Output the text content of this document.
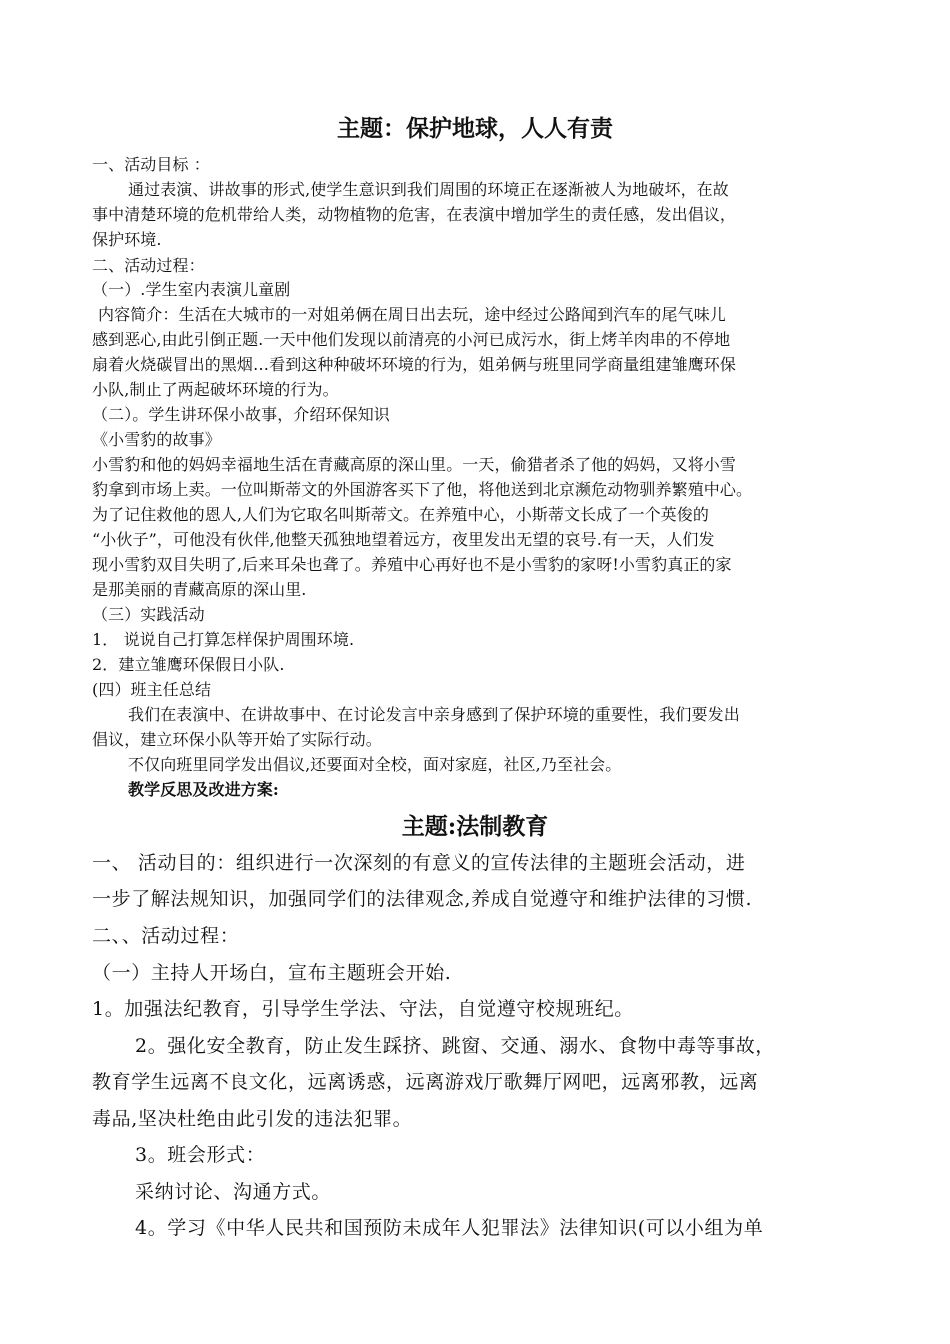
主题：保护地球，人人有责
一、活动目标 ：
通过表演、讲故事的形式,使学生意识到我们周围的环境正在逐渐被人为地破坏，在故
事中清楚环境的危机带给人类，动物植物的危害，在表演中增加学生的责任感，发出倡议，
保护环境.
二、活动过程：
（一）.学生室内表演儿童剧
内容简介：生活在大城市的一对姐弟俩在周日出去玩，途中经过公路闻到汽车的尾气味儿
感到恶心,由此引倒正题.一天中他们发现以前清亮的小河已成污水，街上烤羊肉串的不停地
扇着火烧碳冒出的黑烟…看到这种种破坏环境的行为，姐弟俩与班里同学商量组建雏鹰环保
小队,制止了两起破坏环境的行为。
（二）。学生讲环保小故事，介绍环保知识
《小雪豹的故事》
小雪豹和他的妈妈幸福地生活在青藏高原的深山里。一天，偷猎者杀了他的妈妈，又将小雪
豹拿到市场上卖。一位叫斯蒂文的外国游客买下了他，将他送到北京濒危动物驯养繁殖中心。
为了记住救他的恩人,人们为它取名叫斯蒂文。在养殖中心，小斯蒂文长成了一个英俊的
“小伙子”，可他没有伙伴,他整天孤独地望着远方，夜里发出无望的哀号.有一天，人们发
现小雪豹双目失明了,后来耳朵也聋了。养殖中心再好也不是小雪豹的家呀!小雪豹真正的家
是那美丽的青藏高原的深山里.
（三）实践活动
1． 说说自己打算怎样保护周围环境.
2．建立雏鹰环保假日小队.
(四）班主任总结
我们在表演中、在讲故事中、在讨论发言中亲身感到了保护环境的重要性，我们要发出
倡议，建立环保小队等开始了实际行动。
不仅向班里同学发出倡议,还要面对全校，面对家庭，社区,乃至社会。
教学反思及改进方案:
主题:法制教育
一、 活动目的：组织进行一次深刻的有意义的宣传法律的主题班会活动，进
一步了解法规知识，加强同学们的法律观念,养成自觉遵守和维护法律的习惯.
二、、活动过程：
（一）主持人开场白，宣布主题班会开始.
1。加强法纪教育，引导学生学法、守法，自觉遵守校规班纪。
2。强化安全教育，防止发生踩挤、跳窗、交通、溺水、食物中毒等事故，
教育学生远离不良文化，远离诱惑，远离游戏厅歌舞厅网吧，远离邪教，远离
毒品,坚决杜绝由此引发的违法犯罪。
3。班会形式：
采纳讨论、沟通方式。
4。学习《中华人民共和国预防未成年人犯罪法》法律知识(可以小组为单
